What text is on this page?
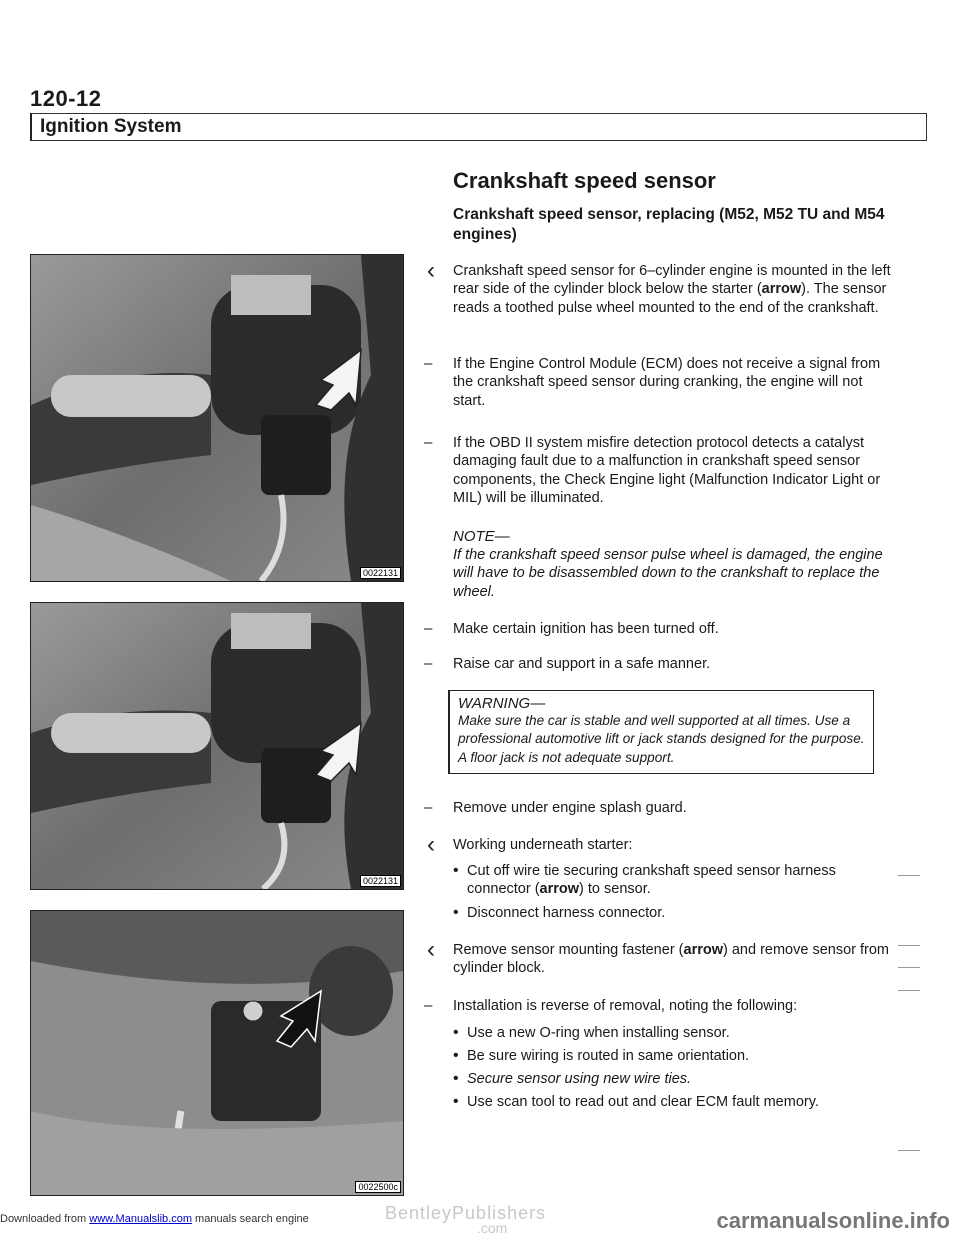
120-12
Ignition System
0022131
0022131
0022500c
Crankshaft speed sensor
Crankshaft speed sensor, replacing (M52, M52 TU and M54 engines)
‹ Crankshaft speed sensor for 6–cylinder engine is mounted in the left rear side of the cylinder block below the starter (arrow). The sensor reads a toothed pulse wheel mounted to the end of the crankshaft.
– If the Engine Control Module (ECM) does not receive a signal from the crankshaft speed sensor during cranking, the engine will not start.
– If the OBD II system misfire detection protocol detects a catalyst damaging fault due to a malfunction in crankshaft speed sensor components, the Check Engine light (Malfunction Indicator Light or MIL) will be illuminated.
NOTE—
If the crankshaft speed sensor pulse wheel is damaged, the engine will have to be disassembled down to the crankshaft to replace the wheel.
– Make certain ignition has been turned off.
– Raise car and support in a safe manner.
WARNING—
Make sure the car is stable and well supported at all times. Use a professional automotive lift or jack stands designed for the purpose. A floor jack is not adequate support.
– Remove under engine splash guard.
‹ Working underneath starter:
• Cut off wire tie securing crankshaft speed sensor harness connector (arrow) to sensor.
• Disconnect harness connector.
‹ Remove sensor mounting fastener (arrow) and remove sensor from cylinder block.
– Installation is reverse of removal, noting the following:
• Use a new O-ring when installing sensor.
• Be sure wiring is routed in same orientation.
• Secure sensor using new wire ties.
• Use scan tool to read out and clear ECM fault memory.
BentleyPublishers
.com
Downloaded from www.Manualslib.com manuals search engine	carmanualsonline.info
